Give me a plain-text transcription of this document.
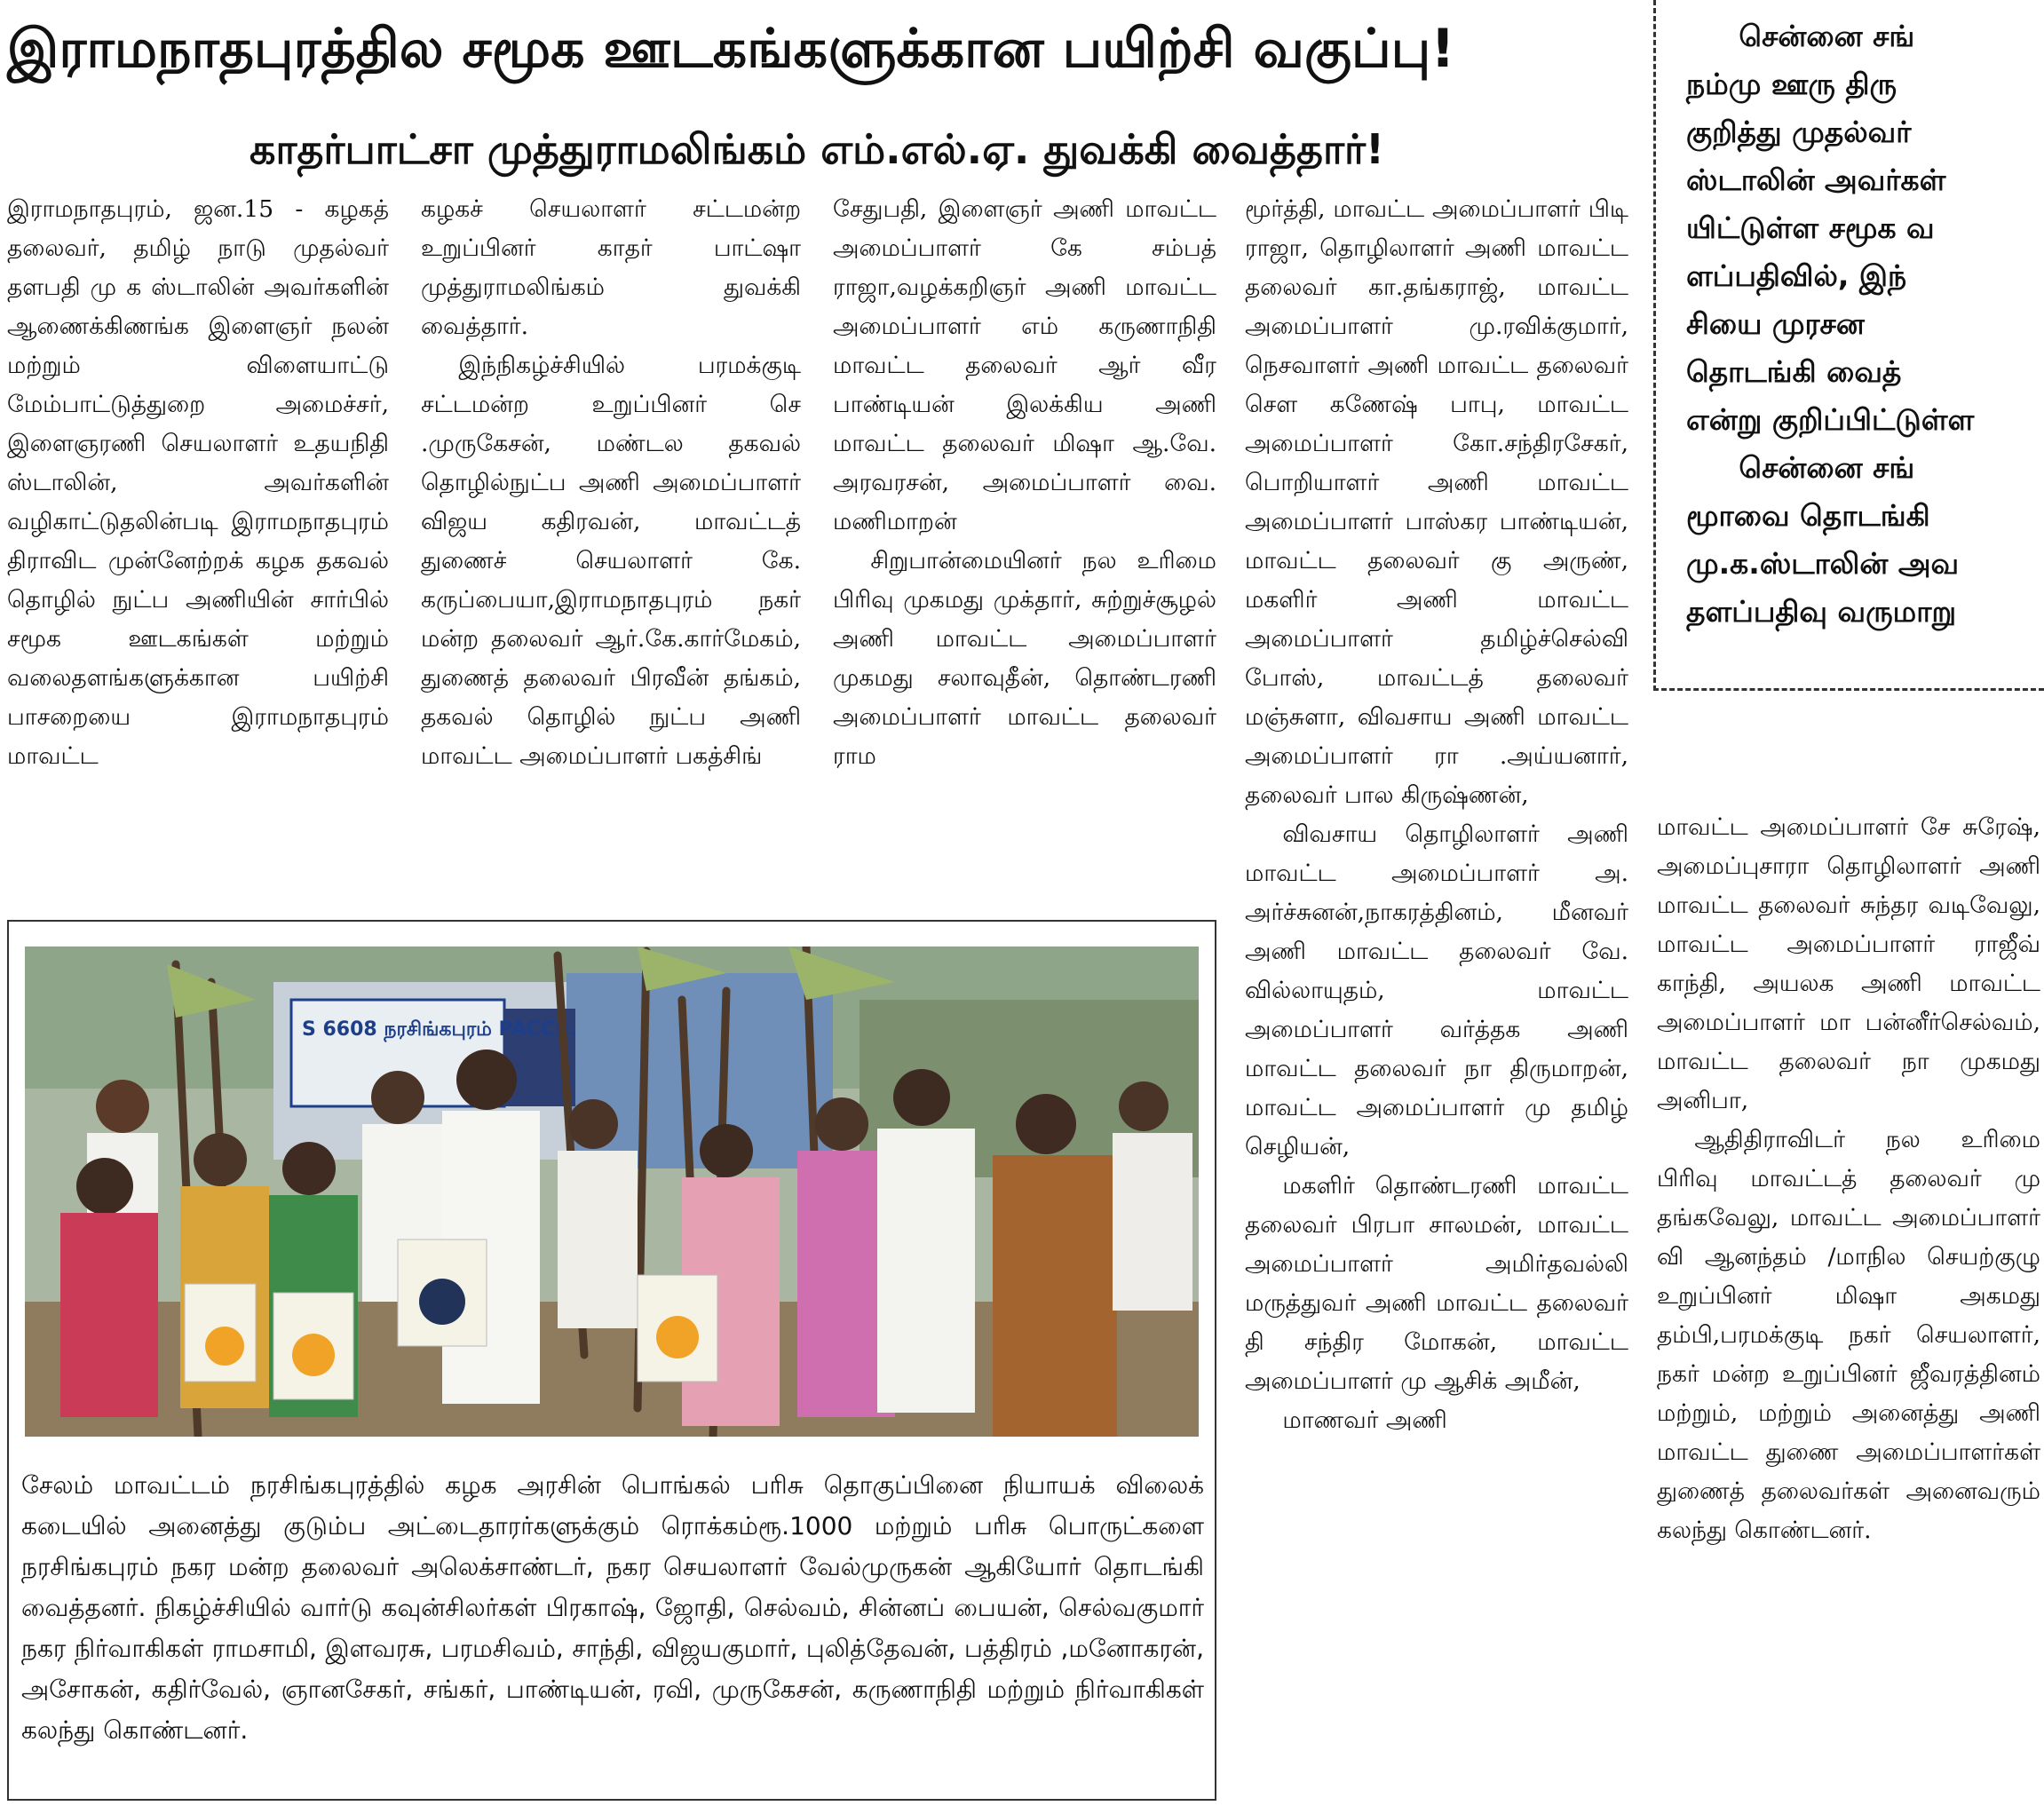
இராமநாதபுரத்தில சமூக ஊடகங்களுக்கான பயிற்சி வகுப்பு!
காதர்பாட்சா முத்துராமலிங்கம் எம்.எல்.ஏ. துவக்கி வைத்தார்!

இராமநாதபுரம், ஜன.15 - கழகத் தலைவர், தமிழ் நாடு முதல்வர் தளபதி மு க ஸ்டாலின் அவர்களின் ஆணைக்கிணங்க இளைஞர் நலன் மற்றும் விளையாட்டு மேம்பாட்டுத்துறை அமைச்சர், இளைஞரணி செயலாளர் உதயநிதி ஸ்டாலின், அவர்களின் வழிகாட்டுதலின்படி இராமநாதபுரம் திராவிட முன்னேற்றக் கழக தகவல் தொழில் நுட்ப அணியின் சார்பில் சமூக ஊடகங்கள் மற்றும் வலைதளங்களுக்கான பயிற்சி பாசறையை இராமநாதபுரம் மாவட்ட

கழகச் செயலாளர் சட்டமன்ற உறுப்பினர் காதர் பாட்ஷா முத்துராமலிங்கம் துவக்கி வைத்தார்.

இந்நிகழ்ச்சியில் பரமக்குடி சட்டமன்ற உறுப்பினர் செ .முருகேசன், மண்டல தகவல் தொழில்நுட்ப அணி அமைப்பாளர் விஜய கதிரவன், மாவட்டத் துணைச் செயலாளர் கே. கருப்பையா,இராமநாதபுரம் நகர் மன்ற தலைவர் ஆர்.கே.கார்மேகம், துணைத் தலைவர் பிரவீன் தங்கம், தகவல் தொழில் நுட்ப அணி மாவட்ட அமைப்பாளர் பகத்சிங்

சேதுபதி, இளைஞர் அணி மாவட்ட அமைப்பாளர் கே சம்பத் ராஜா,வழக்கறிஞர் அணி மாவட்ட அமைப்பாளர் எம் கருணாநிதி மாவட்ட தலைவர் ஆர் வீர பாண்டியன் இலக்கிய அணி மாவட்ட தலைவர் மிஷா ஆ.வே. அரவரசன், அமைப்பாளர் வை. மணிமாறன்

சிறுபான்மையினர் நல உரிமை பிரிவு முகமது முக்தார், சுற்றுச்சூழல் அணி மாவட்ட அமைப்பாளர் முகமது சலாவுதீன், தொண்டரணி அமைப்பாளர் மாவட்ட தலைவர் ராம

மூர்த்தி, மாவட்ட அமைப்பாளர் பிடி ராஜா, தொழிலாளர் அணி மாவட்ட தலைவர் கா.தங்கராஜ், மாவட்ட அமைப்பாளர் மு.ரவிக்குமார், நெசவாளர் அணி மாவட்ட தலைவர் செள கணேஷ் பாபு, மாவட்ட அமைப்பாளர் கோ.சந்திரசேகர், பொறியாளர் அணி மாவட்ட அமைப்பாளர் பாஸ்கர பாண்டியன், மாவட்ட தலைவர் கு அருண், மகளிர் அணி மாவட்ட அமைப்பாளர் தமிழ்ச்செல்வி போஸ், மாவட்டத் தலைவர் மஞ்சுளா, விவசாய அணி மாவட்ட அமைப்பாளர் ரா .அய்யனார், தலைவர் பால கிருஷ்ணன்,

விவசாய தொழிலாளர் அணி மாவட்ட அமைப்பாளர் அ. அர்ச்சுனன்,நாகரத்தினம், மீனவர் அணி மாவட்ட தலைவர் வே. வில்லாயுதம், மாவட்ட அமைப்பாளர் வர்த்தக அணி மாவட்ட தலைவர் நா திருமாறன், மாவட்ட அமைப்பாளர் மு தமிழ் செழியன்,

மகளிர் தொண்டரணி மாவட்ட தலைவர் பிரபா சாலமன், மாவட்ட அமைப்பாளர் அமிர்தவல்லி மருத்துவர் அணி மாவட்ட தலைவர் தி சந்திர மோகன், மாவட்ட அமைப்பாளர் மு ஆசிக் அமீன்,

மாணவர் அணி

மாவட்ட அமைப்பாளர் சே சுரேஷ், அமைப்புசாரா தொழிலாளர் அணி மாவட்ட தலைவர் சுந்தர வடிவேலு, மாவட்ட அமைப்பாளர் ராஜீவ் காந்தி, அயலக அணி மாவட்ட அமைப்பாளர் மா பன்னீர்செல்வம், மாவட்ட தலைவர் நா முகமது அனிபா,

ஆதிதிராவிடர் நல உரிமை பிரிவு மாவட்டத் தலைவர் மு தங்கவேலு, மாவட்ட அமைப்பாளர் வி ஆனந்தம் /மாநில செயற்குழு உறுப்பினர் மிஷா அகமது தம்பி,பரமக்குடி நகர் செயலாளர், நகர் மன்ற உறுப்பினர் ஜீவரத்தினம் மற்றும், மற்றும் அனைத்து அணி மாவட்ட துணை அமைப்பாளர்கள் துணைத் தலைவர்கள் அனைவரும் கலந்து கொண்டனர்.

சென்னை சங்

நம்மு ஊரு திரு

குறித்து முதல்வர்

ஸ்டாலின் அவர்கள்

யிட்டுள்ள சமூக வ

ளப்பதிவில், இந்

சியை முரசன

தொடங்கி வைத்

என்று குறிப்பிட்டுள்ள

சென்னை சங்

மூாவை தொடங்கி

மு.க.ஸ்டாலின் அவ

தளப்பதிவு வருமாறு

S 6608 நரசிங்கபுரம் PACCS.
சேலம் மாவட்டம் நரசிங்கபுரத்தில் கழக அரசின் பொங்கல் பரிசு தொகுப்பினை நியாயக் விலைக் கடையில் அனைத்து குடும்ப அட்டைதாரர்களுக்கும் ரொக்கம்ரூ.1000 மற்றும் பரிசு பொருட்களை நரசிங்கபுரம் நகர மன்ற தலைவர் அலெக்சாண்டர், நகர செயலாளர் வேல்முருகன் ஆகியோர் தொடங்கி வைத்தனர். நிகழ்ச்சியில் வார்டு கவுன்சிலர்கள் பிரகாஷ், ஜோதி, செல்வம், சின்னப் பையன், செல்வகுமார் நகர நிர்வாகிகள் ராமசாமி, இளவரசு, பரமசிவம், சாந்தி, விஜயகுமார், புலித்தேவன், பத்திரம் ,மனோகரன், அசோகன், கதிர்வேல், ஞானசேகர், சங்கர், பாண்டியன், ரவி, முருகேசன், கருணாநிதி மற்றும் நிர்வாகிகள் கலந்து கொண்டனர்.
